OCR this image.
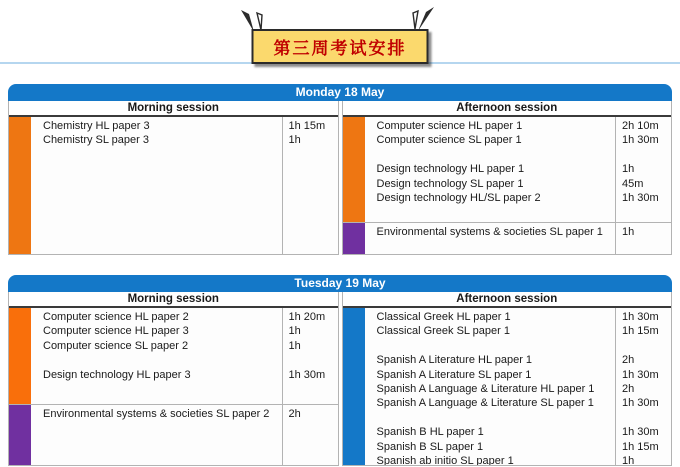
第三周考试安排
Monday 18 May
Morning session
Chemistry HL paper 3
Chemistry SL paper 3
1h 15m
1h
Afternoon session
Computer science HL paper 1
Computer science SL paper 1

Design technology HL paper 1
Design technology SL paper 1
Design technology HL/SL paper 2
2h 10m
1h 30m

1h
45m
1h 30m
Environmental systems & societies SL paper 1
	1h

Tuesday 19 May
Morning session
Computer science HL paper 2
Computer science HL paper 3
Computer science SL paper 2

Design technology HL paper 3
1h 20m
1h
1h

1h 30m
Environmental systems & societies SL paper 2

	2h

Afternoon session
Classical Greek HL paper 1
Classical Greek SL paper 1

Spanish A Literature HL paper 1
Spanish A Literature SL paper 1
Spanish A Language & Literature HL paper 1
Spanish A Language & Literature SL paper 1

Spanish B HL paper 1
Spanish B SL paper 1
Spanish ab initio SL paper 1
1h 30m
1h 15m

2h
1h 30m
2h
1h 30m

1h 30m
1h 15m
1h
